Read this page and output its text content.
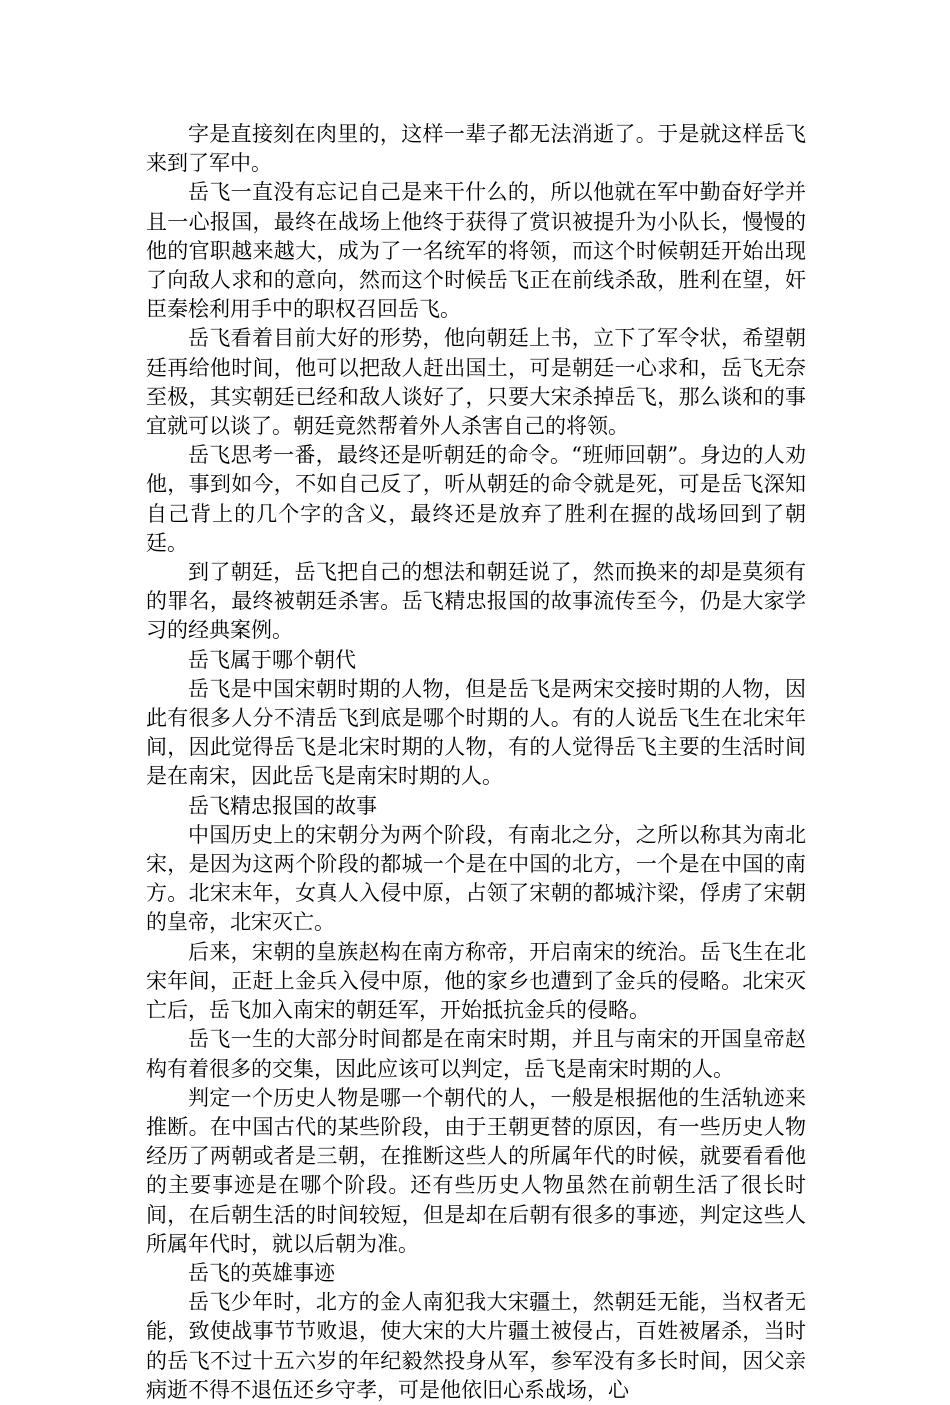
字是直接刻在肉里的，这样一辈子都无法消逝了。于是就这样岳飞来到了军中。

岳飞一直没有忘记自己是来干什么的，所以他就在军中勤奋好学并且一心报国，最终在战场上他终于获得了赏识被提升为小队长，慢慢的他的官职越来越大，成为了一名统军的将领，而这个时候朝廷开始出现了向敌人求和的意向，然而这个时候岳飞正在前线杀敌，胜利在望，奸臣秦桧利用手中的职权召回岳飞。

岳飞看着目前大好的形势，他向朝廷上书，立下了军令状，希望朝廷再给他时间，他可以把敌人赶出国土，可是朝廷一心求和，岳飞无奈至极，其实朝廷已经和敌人谈好了，只要大宋杀掉岳飞，那么谈和的事宜就可以谈了。朝廷竟然帮着外人杀害自己的将领。

岳飞思考一番，最终还是听朝廷的命令。“班师回朝”。身边的人劝他，事到如今，不如自己反了，听从朝廷的命令就是死，可是岳飞深知自己背上的几个字的含义，最终还是放弃了胜利在握的战场回到了朝廷。

到了朝廷，岳飞把自己的想法和朝廷说了，然而换来的却是莫须有的罪名，最终被朝廷杀害。岳飞精忠报国的故事流传至今，仍是大家学习的经典案例。

岳飞属于哪个朝代

岳飞是中国宋朝时期的人物，但是岳飞是两宋交接时期的人物，因此有很多人分不清岳飞到底是哪个时期的人。有的人说岳飞生在北宋年间，因此觉得岳飞是北宋时期的人物，有的人觉得岳飞主要的生活时间是在南宋，因此岳飞是南宋时期的人。

岳飞精忠报国的故事

中国历史上的宋朝分为两个阶段，有南北之分，之所以称其为南北宋，是因为这两个阶段的都城一个是在中国的北方，一个是在中国的南方。北宋末年，女真人入侵中原，占领了宋朝的都城汴梁，俘虏了宋朝的皇帝，北宋灭亡。

后来，宋朝的皇族赵构在南方称帝，开启南宋的统治。岳飞生在北宋年间，正赶上金兵入侵中原，他的家乡也遭到了金兵的侵略。北宋灭亡后，岳飞加入南宋的朝廷军，开始抵抗金兵的侵略。

岳飞一生的大部分时间都是在南宋时期，并且与南宋的开国皇帝赵构有着很多的交集，因此应该可以判定，岳飞是南宋时期的人。

判定一个历史人物是哪一个朝代的人，一般是根据他的生活轨迹来推断。在中国古代的某些阶段，由于王朝更替的原因，有一些历史人物经历了两朝或者是三朝，在推断这些人的所属年代的时候，就要看看他的主要事迹是在哪个阶段。还有些历史人物虽然在前朝生活了很长时间，在后朝生活的时间较短，但是却在后朝有很多的事迹，判定这些人所属年代时，就以后朝为准。

岳飞的英雄事迹

岳飞少年时，北方的金人南犯我大宋疆土，然朝廷无能，当权者无能，致使战事节节败退，使大宋的大片疆土被侵占，百姓被屠杀，当时的岳飞不过十五六岁的年纪毅然投身从军，参军没有多长时间，因父亲病逝不得不退伍还乡守孝，可是他依旧心系战场，心
